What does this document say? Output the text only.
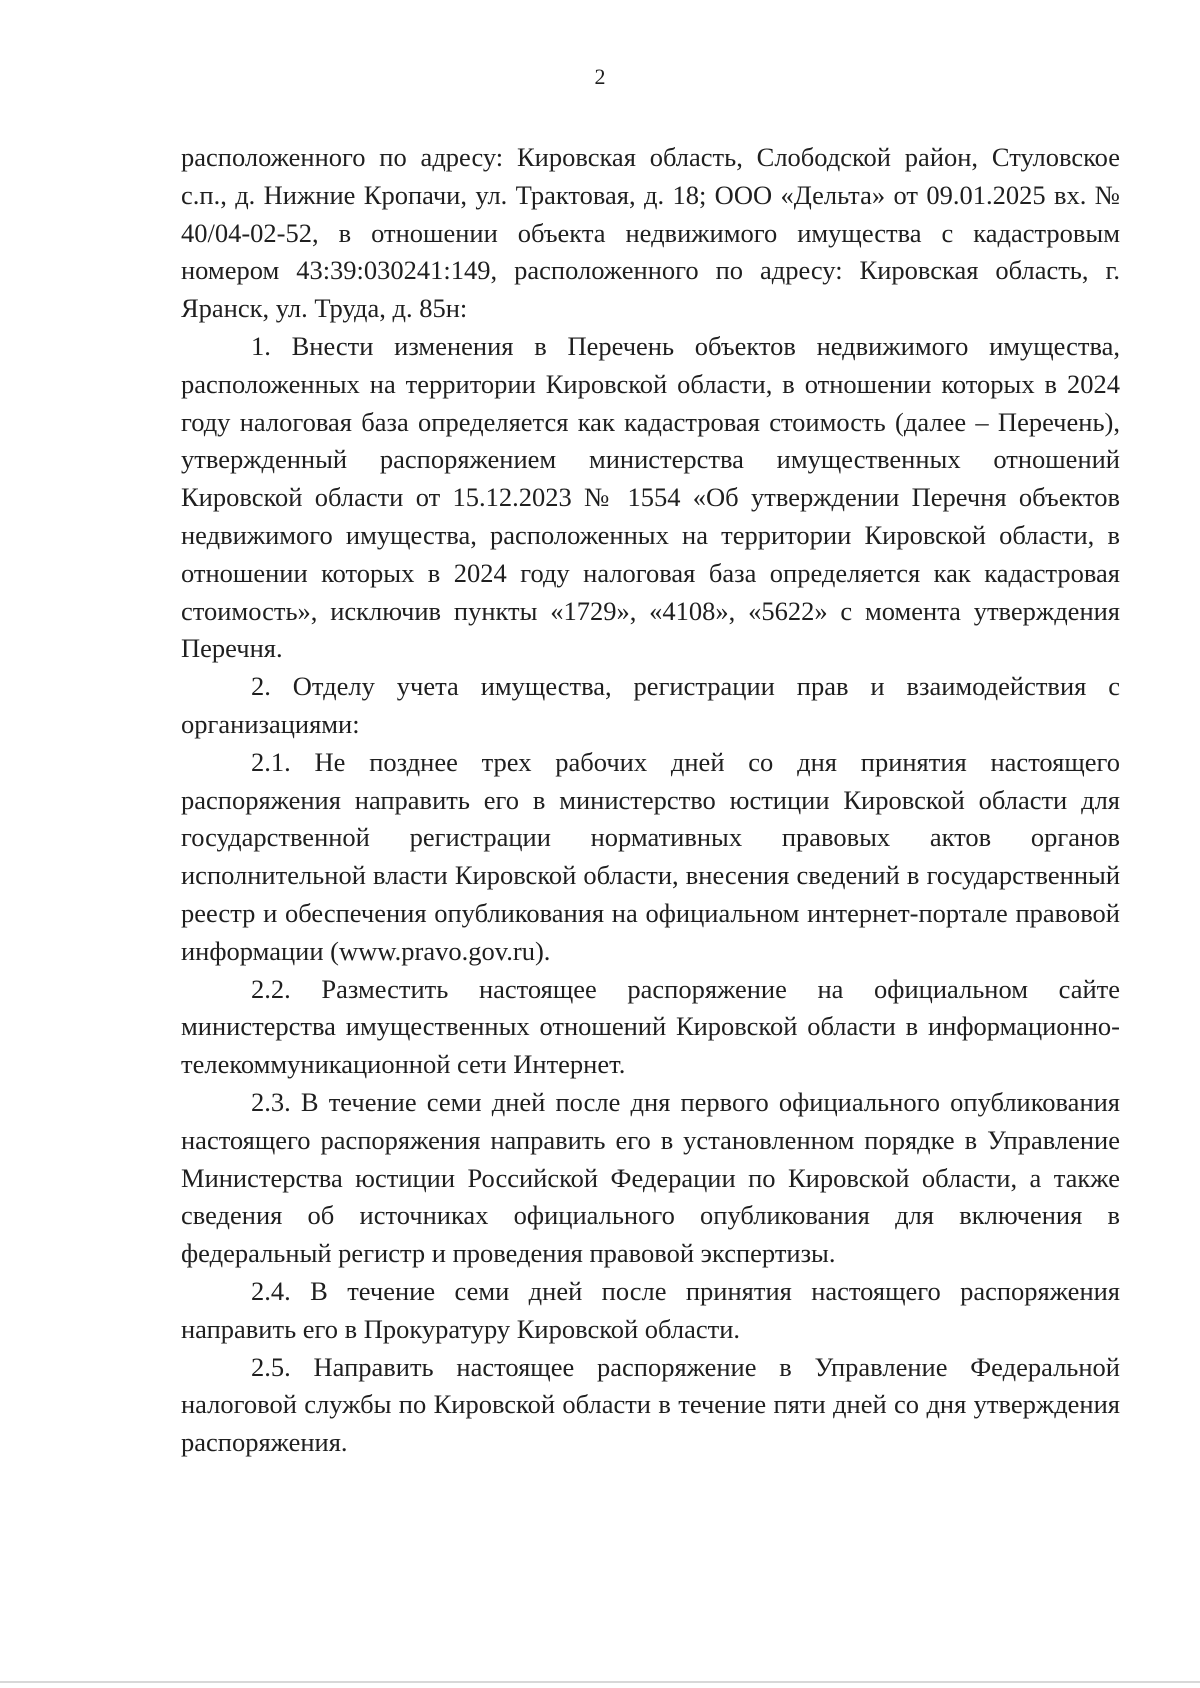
2

расположенного по адресу: Кировская область, Слободской район, Стуловское с.п., д. Нижние Кропачи, ул. Трактовая, д. 18; ООО «Дельта» от 09.01.2025 вх. № 40/04-02-52, в отношении объекта недвижимого имущества с кадастровым номером 43:39:030241:149, расположенного по адресу: Кировская область, г. Яранск, ул. Труда, д. 85н:

1. Внести изменения в Перечень объектов недвижимого имущества, расположенных на территории Кировской области, в отношении которых в 2024 году налоговая база определяется как кадастровая стоимость (далее – Перечень), утвержденный распоряжением министерства имущественных отношений Кировской области от 15.12.2023 № 1554 «Об утверждении Перечня объектов недвижимого имущества, расположенных на территории Кировской области, в отношении которых в 2024 году налоговая база определяется как кадастровая стоимость», исключив пункты «1729», «4108», «5622» с момента утверждения Перечня.

2. Отделу учета имущества, регистрации прав и взаимодействия с организациями:

2.1. Не позднее трех рабочих дней со дня принятия настоящего распоряжения направить его в министерство юстиции Кировской области для государственной регистрации нормативных правовых актов органов исполнительной власти Кировской области, внесения сведений в государственный реестр и обеспечения опубликования на официальном интернет-портале правовой информации (www.pravo.gov.ru).

2.2. Разместить настоящее распоряжение на официальном сайте министерства имущественных отношений Кировской области в информационно-телекоммуникационной сети Интернет.

2.3. В течение семи дней после дня первого официального опубликования настоящего распоряжения направить его в установленном порядке в Управление Министерства юстиции Российской Федерации по Кировской области, а также сведения об источниках официального опубликования для включения в федеральный регистр и проведения правовой экспертизы.

2.4. В течение семи дней после принятия настоящего распоряжения направить его в Прокуратуру Кировской области.

2.5. Направить настоящее распоряжение в Управление Федеральной налоговой службы по Кировской области в течение пяти дней со дня утверждения распоряжения.
